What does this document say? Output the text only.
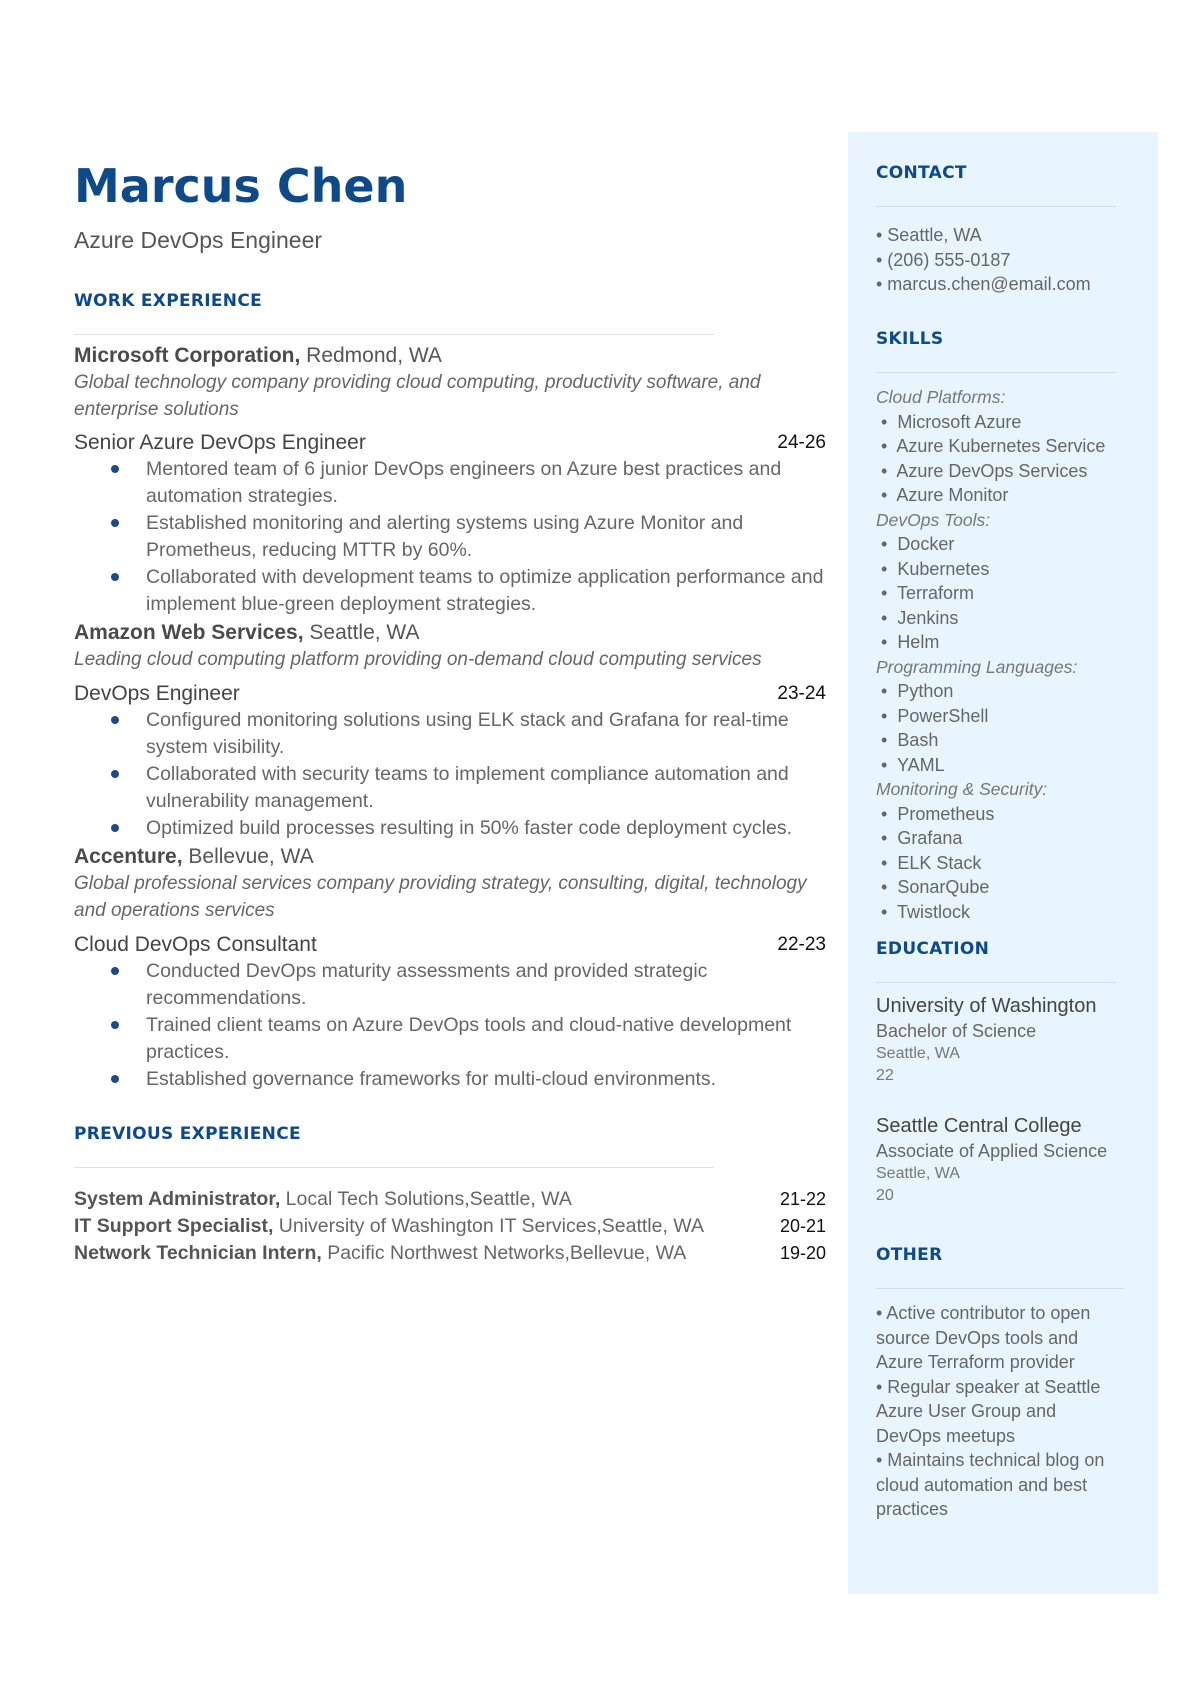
Marcus Chen
Azure DevOps Engineer
WORK EXPERIENCE
Microsoft Corporation, Redmond, WA
Global technology company providing cloud computing, productivity software, and enterprise solutions
Senior Azure DevOps Engineer	24-26
Mentored team of 6 junior DevOps engineers on Azure best practices and automation strategies.
Established monitoring and alerting systems using Azure Monitor and Prometheus, reducing MTTR by 60%.
Collaborated with development teams to optimize application performance and implement blue-green deployment strategies.
Amazon Web Services, Seattle, WA
Leading cloud computing platform providing on-demand cloud computing services
DevOps Engineer	23-24
Configured monitoring solutions using ELK stack and Grafana for real-time system visibility.
Collaborated with security teams to implement compliance automation and vulnerability management.
Optimized build processes resulting in 50% faster code deployment cycles.
Accenture, Bellevue, WA
Global professional services company providing strategy, consulting, digital, technology and operations services
Cloud DevOps Consultant	22-23
Conducted DevOps maturity assessments and provided strategic recommendations.
Trained client teams on Azure DevOps tools and cloud-native development practices.
Established governance frameworks for multi-cloud environments.
PREVIOUS EXPERIENCE
System Administrator, Local Tech Solutions,Seattle, WA	21-22
IT Support Specialist, University of Washington IT Services,Seattle, WA	20-21
Network Technician Intern, Pacific Northwest Networks,Bellevue, WA	19-20
CONTACT
• Seattle, WA
• (206) 555-0187
• marcus.chen@email.com
SKILLS
Cloud Platforms:
•  Microsoft Azure
•  Azure Kubernetes Service
•  Azure DevOps Services
•  Azure Monitor
DevOps Tools:
•  Docker
•  Kubernetes
•  Terraform
•  Jenkins
•  Helm
Programming Languages:
•  Python
•  PowerShell
•  Bash
•  YAML
Monitoring & Security:
•  Prometheus
•  Grafana
•  ELK Stack
•  SonarQube
•  Twistlock
EDUCATION
University of Washington
Bachelor of Science
Seattle, WA
22
Seattle Central College
Associate of Applied Science
Seattle, WA
20
OTHER
• Active contributor to open source DevOps tools and Azure Terraform provider
• Regular speaker at Seattle Azure User Group and DevOps meetups
• Maintains technical blog on cloud automation and best practices
